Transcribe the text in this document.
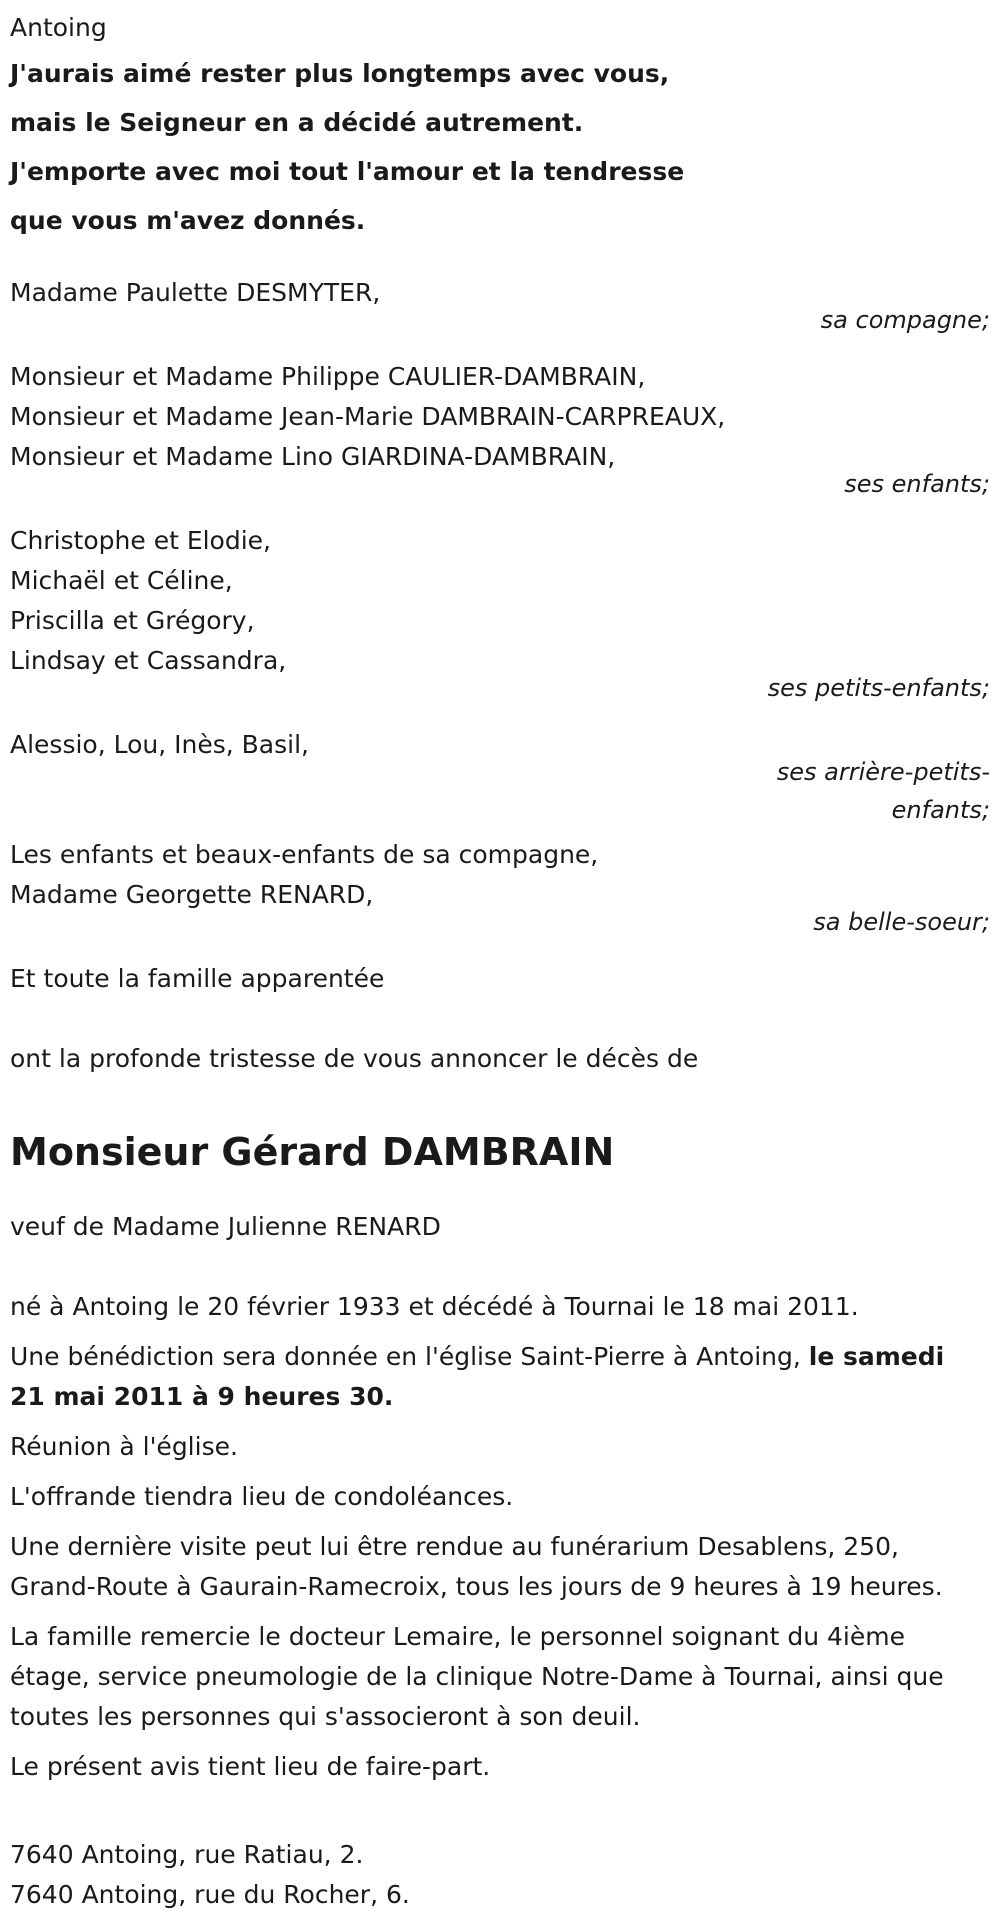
Antoing
J'aurais aimé rester plus longtemps avec vous,
mais le Seigneur en a décidé autrement.
J'emporte avec moi tout l'amour et la tendresse
que vous m'avez donnés.
Madame Paulette DESMYTER,
sa compagne;
Monsieur et Madame Philippe CAULIER-DAMBRAIN,
Monsieur et Madame Jean-Marie DAMBRAIN-CARPREAUX,
Monsieur et Madame Lino GIARDINA-DAMBRAIN,
ses enfants;
Christophe et Elodie,
Michaël et Céline,
Priscilla et Grégory,
Lindsay et Cassandra,
ses petits-enfants;
Alessio, Lou, Inès, Basil,
ses arrière-petits-
enfants;
Les enfants et beaux-enfants de sa compagne,
Madame Georgette RENARD,
sa belle-soeur;
Et toute la famille apparentée
ont la profonde tristesse de vous annoncer le décès de
Monsieur Gérard DAMBRAIN
veuf de Madame Julienne RENARD
né à Antoing le 20 février 1933 et décédé à Tournai le 18 mai 2011.
Une bénédiction sera donnée en l'église Saint-Pierre à Antoing, le samedi 21 mai 2011 à 9 heures 30.
Réunion à l'église.
L'offrande tiendra lieu de condoléances.
Une dernière visite peut lui être rendue au funérarium Desablens, 250, Grand-Route à Gaurain-Ramecroix, tous les jours de 9 heures à 19 heures.
La famille remercie le docteur Lemaire, le personnel soignant du 4ième étage, service pneumologie de la clinique Notre-Dame à Tournai, ainsi que toutes les personnes qui s'associeront à son deuil.
Le présent avis tient lieu de faire-part.
7640 Antoing, rue Ratiau, 2.
7640 Antoing, rue du Rocher, 6.
